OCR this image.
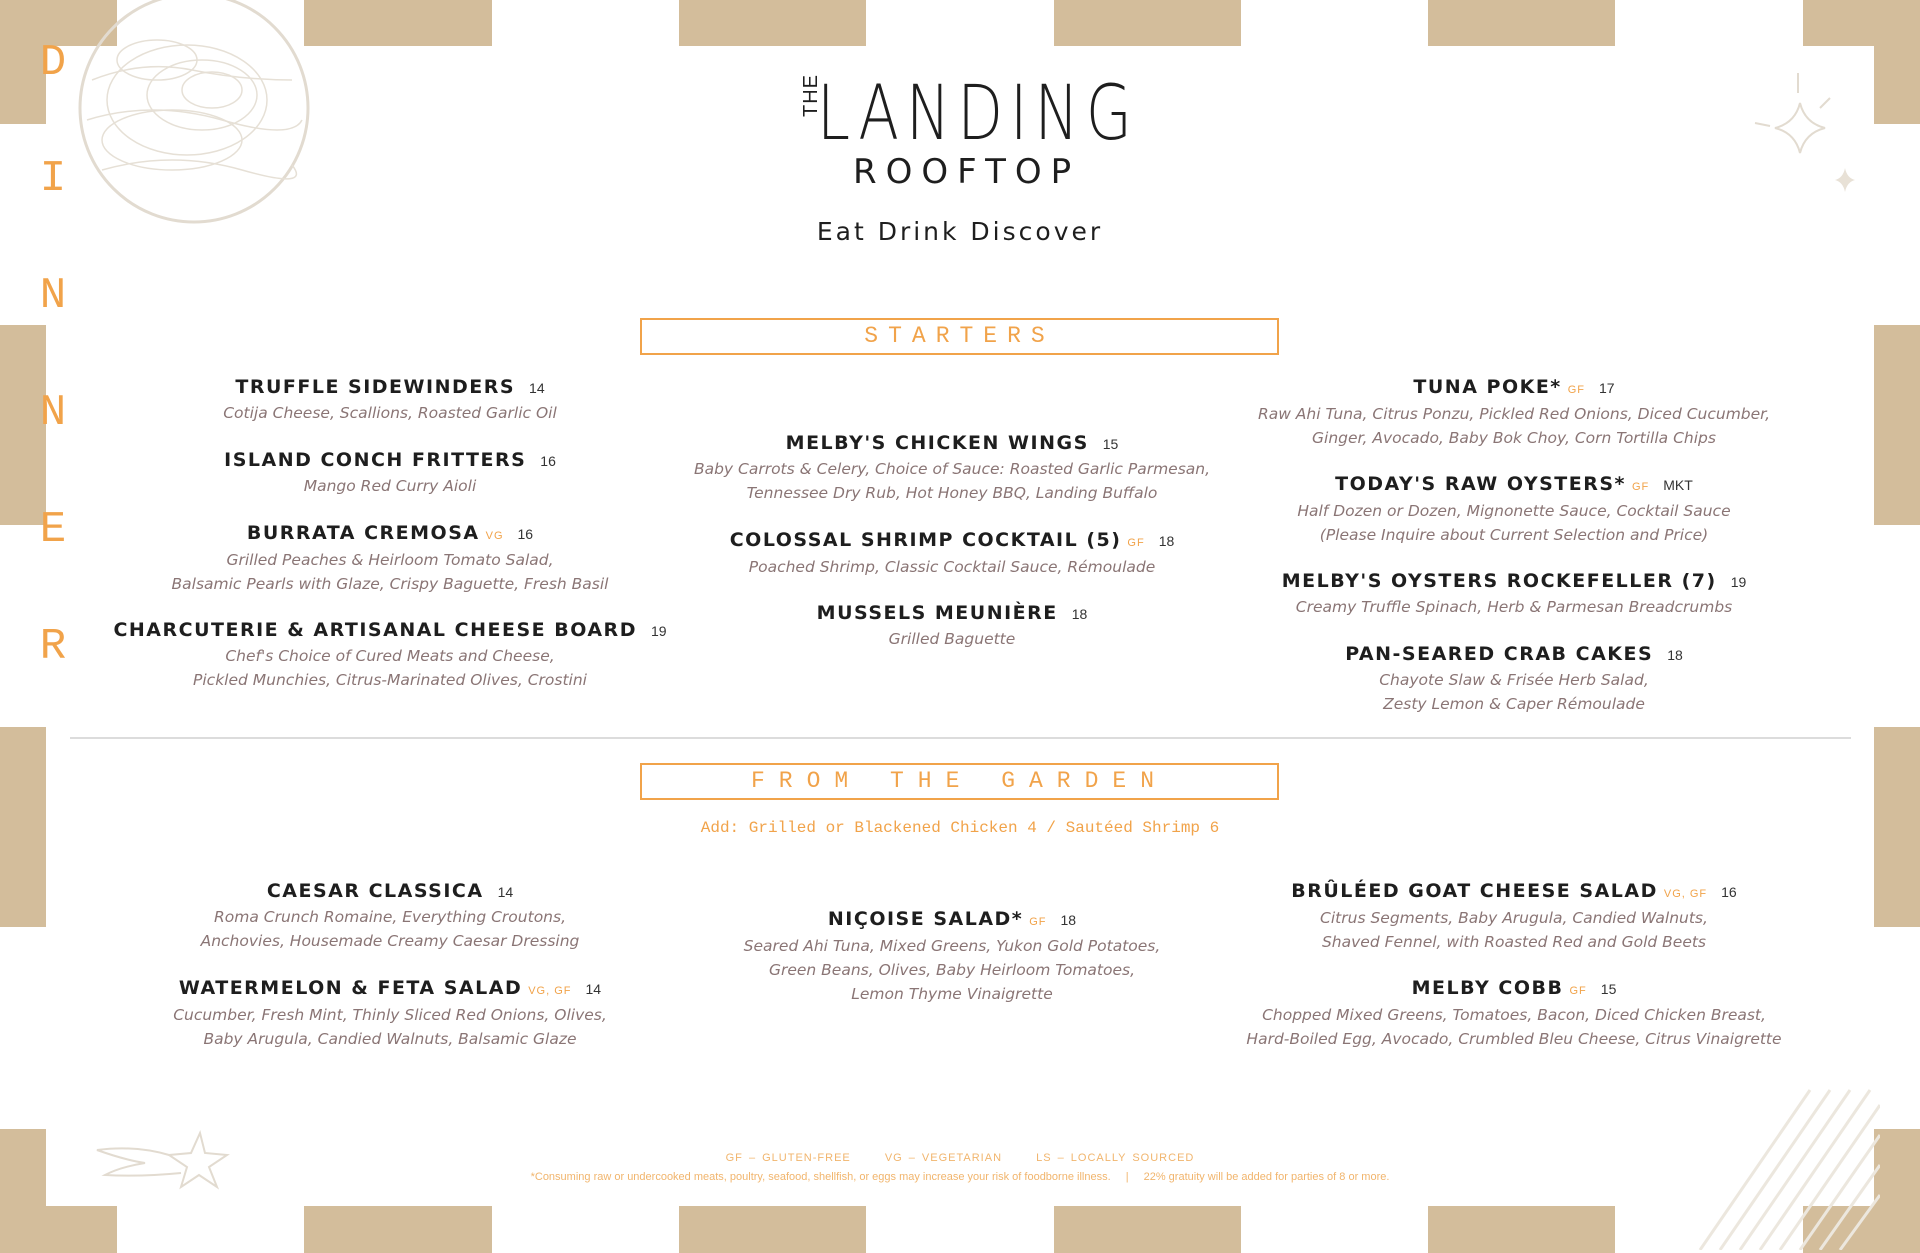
D
I
N
N
E
R
THE
LANDING
ROOFTOP
Eat Drink Discover
STARTERS
TRUFFLE SIDEWINDERS 14
Cotija Cheese, Scallions, Roasted Garlic Oil
ISLAND CONCH FRITTERS 16
Mango Red Curry Aioli
BURRATA CREMOSA VG 16
Grilled Peaches & Heirloom Tomato Salad,
Balsamic Pearls with Glaze, Crispy Baguette, Fresh Basil
CHARCUTERIE & ARTISANAL CHEESE BOARD 19
Chef's Choice of Cured Meats and Cheese,
Pickled Munchies, Citrus-Marinated Olives, Crostini
MELBY'S CHICKEN WINGS 15
Baby Carrots & Celery, Choice of Sauce: Roasted Garlic Parmesan,
Tennessee Dry Rub, Hot Honey BBQ, Landing Buffalo
COLOSSAL SHRIMP COCKTAIL (5) GF 18
Poached Shrimp, Classic Cocktail Sauce, Rémoulade
MUSSELS MEUNIÈRE 18
Grilled Baguette
TUNA POKE* GF 17
Raw Ahi Tuna, Citrus Ponzu, Pickled Red Onions, Diced Cucumber,
Ginger, Avocado, Baby Bok Choy, Corn Tortilla Chips
TODAY'S RAW OYSTERS* GF MKT
Half Dozen or Dozen, Mignonette Sauce, Cocktail Sauce
(Please Inquire about Current Selection and Price)
MELBY'S OYSTERS ROCKEFELLER (7) 19
Creamy Truffle Spinach, Herb & Parmesan Breadcrumbs
PAN-SEARED CRAB CAKES 18
Chayote Slaw & Frisée Herb Salad,
Zesty Lemon & Caper Rémoulade
FROM THE GARDEN
Add: Grilled or Blackened Chicken 4 / Sautéed Shrimp 6
CAESAR CLASSICA 14
Roma Crunch Romaine, Everything Croutons,
Anchovies, Housemade Creamy Caesar Dressing
WATERMELON & FETA SALAD VG, GF 14
Cucumber, Fresh Mint, Thinly Sliced Red Onions, Olives,
Baby Arugula, Candied Walnuts, Balsamic Glaze
NIÇOISE SALAD* GF 18
Seared Ahi Tuna, Mixed Greens, Yukon Gold Potatoes,
Green Beans, Olives, Baby Heirloom Tomatoes,
Lemon Thyme Vinaigrette
BRÛLÉED GOAT CHEESE SALAD VG, GF 16
Citrus Segments, Baby Arugula, Candied Walnuts,
Shaved Fennel, with Roasted Red and Gold Beets
MELBY COBB GF 15
Chopped Mixed Greens, Tomatoes, Bacon, Diced Chicken Breast,
Hard-Boiled Egg, Avocado, Crumbled Bleu Cheese, Citrus Vinaigrette
GF – GLUTEN-FREE	VG – VEGETARIAN	LS – LOCALLY SOURCED
*Consuming raw or undercooked meats, poultry, seafood, shellfish, or eggs may increase your risk of foodborne illness. | 22% gratuity will be added for parties of 8 or more.
